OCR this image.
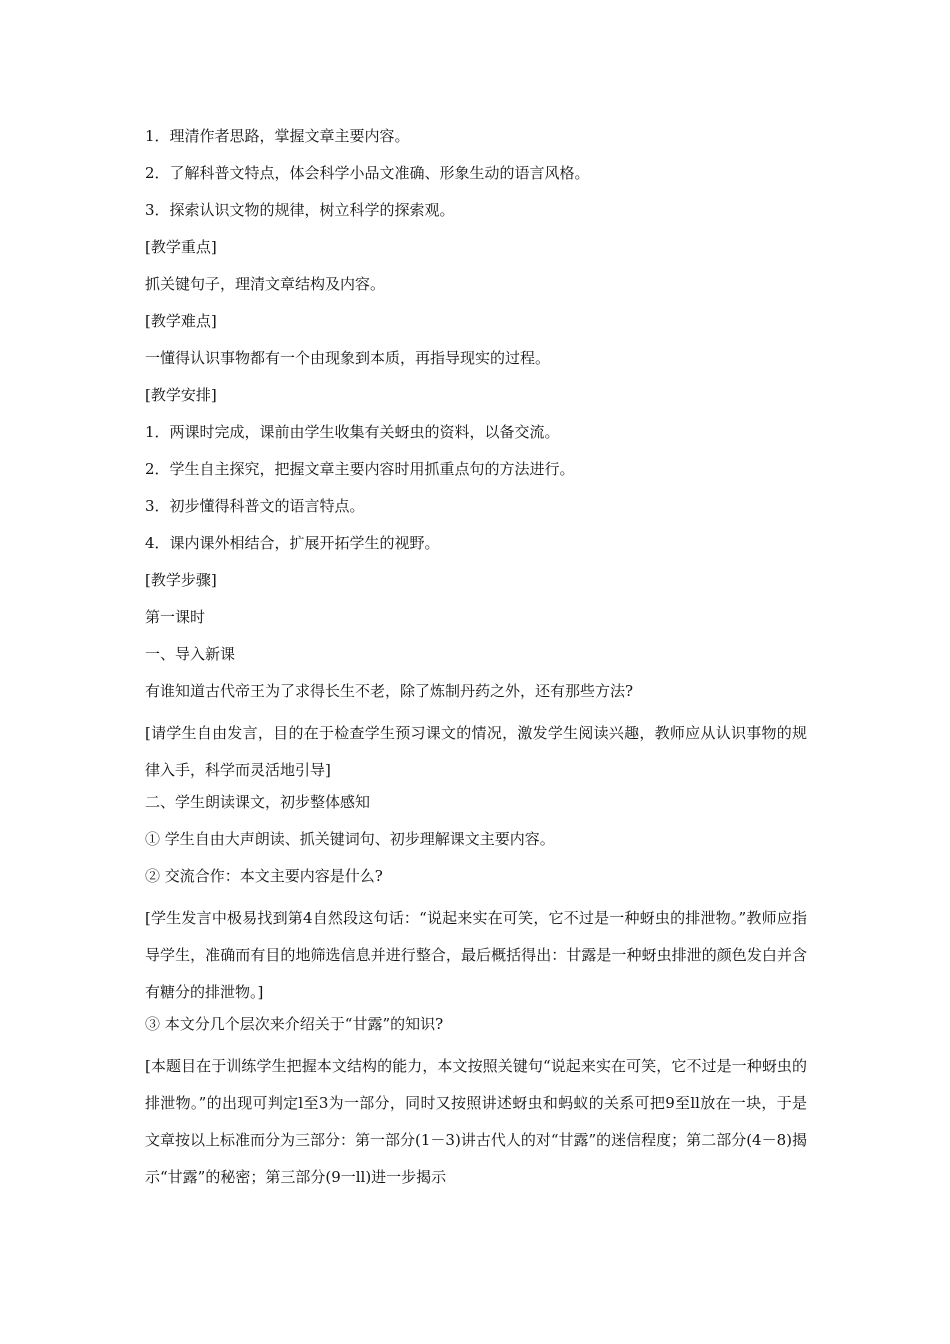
1．理清作者思路，掌握文章主要内容。
2．了解科普文特点，体会科学小品文准确、形象生动的语言风格。
3．探索认识文物的规律，树立科学的探索观。
[教学重点]
抓关键句子，理清文章结构及内容。
[教学难点]
一懂得认识事物都有一个由现象到本质，再指导现实的过程。
[教学安排]
1．两课时完成，课前由学生收集有关蚜虫的资料，以备交流。
2．学生自主探究，把握文章主要内容时用抓重点句的方法进行。
3．初步懂得科普文的语言特点。
4．课内课外相结合，扩展开拓学生的视野。
[教学步骤]
第一课时
一、导入新课
有谁知道古代帝王为了求得长生不老，除了炼制丹药之外，还有那些方法?
[请学生自由发言，目的在于检查学生预习课文的情况，激发学生阅读兴趣，教师应从认识事物的规律入手，科学而灵活地引导]
二、学生朗读课文，初步整体感知
① 学生自由大声朗读、抓关键词句、初步理解课文主要内容。
② 交流合作：本文主要内容是什么?
[学生发言中极易找到第4自然段这句话：“说起来实在可笑，它不过是一种蚜虫的排泄物。”教师应指导学生，准确而有目的地筛选信息并进行整合，最后概括得出：甘露是一种蚜虫排泄的颜色发白并含有糖分的排泄物。]
③ 本文分几个层次来介绍关于“甘露”的知识?
[本题目在于训练学生把握本文结构的能力，本文按照关键句“说起来实在可笑，它不过是一种蚜虫的排泄物。”的出现可判定l至3为一部分，同时又按照讲述蚜虫和蚂蚁的关系可把9至ll放在一块，于是文章按以上标准而分为三部分：第一部分(1－3)讲古代人的对“甘露”的迷信程度；第二部分(4－8)揭示“甘露”的秘密；第三部分(9一ll)进一步揭示
